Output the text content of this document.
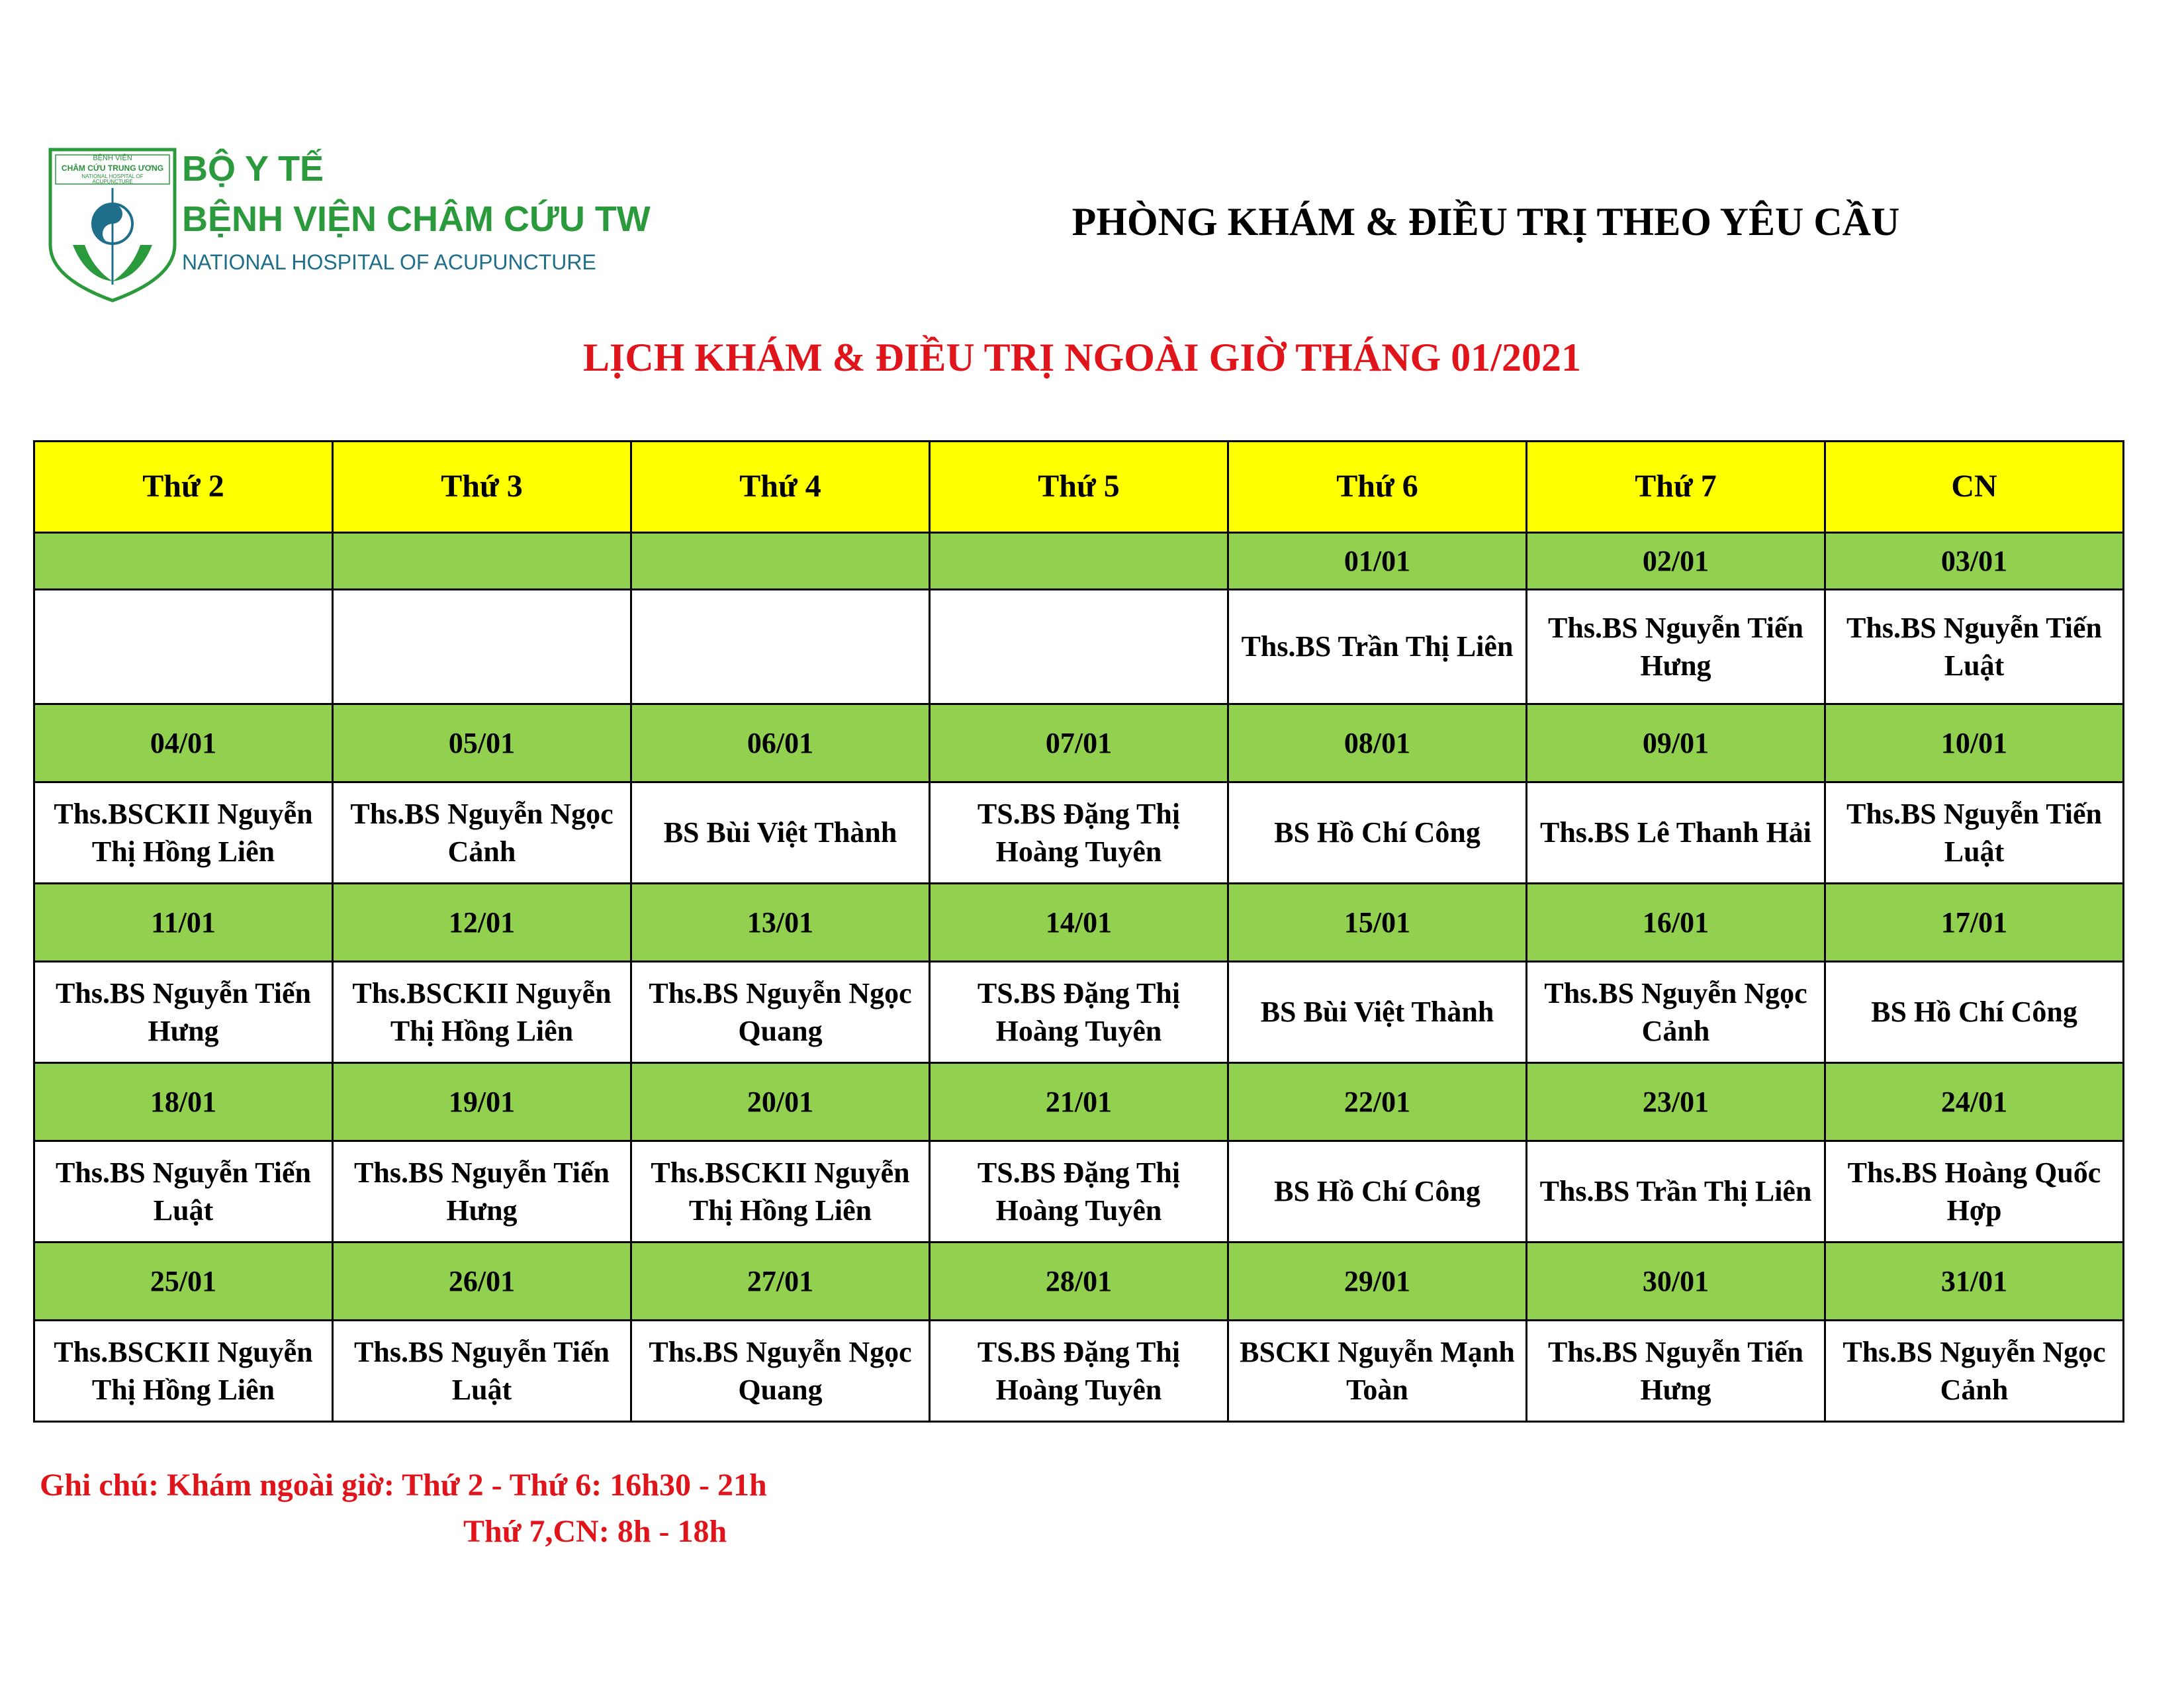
BỆNH VIỆN
CHÂM CỨU TRUNG ƯƠNG
NATIONAL HOSPITAL OF ACUPUNCTURE	BỘ Y TẾ

BỆNH VIỆN CHÂM CỨU TW

NATIONAL HOSPITAL OF ACUPUNCTURE

PHÒNG KHÁM & ĐIỀU TRỊ THEO YÊU CẦU
LỊCH KHÁM & ĐIỀU TRỊ NGOÀI GIỜ THÁNG 01/2021
Thứ 2	Thứ 3	Thứ 4	Thứ 5	Thứ 6	Thứ 7	CN
				01/01	02/01	03/01
				Ths.BS Trần Thị Liên	Ths.BS Nguyễn Tiến Hưng	Ths.BS Nguyễn Tiến Luật
04/01	05/01	06/01	07/01	08/01	09/01	10/01
Ths.BSCKII Nguyễn Thị Hồng Liên	Ths.BS Nguyễn Ngọc Cảnh	BS Bùi Việt Thành	TS.BS Đặng Thị Hoàng Tuyên	BS Hồ Chí Công	Ths.BS Lê Thanh Hải	Ths.BS Nguyễn Tiến Luật
11/01	12/01	13/01	14/01	15/01	16/01	17/01
Ths.BS Nguyễn Tiến Hưng	Ths.BSCKII Nguyễn Thị Hồng Liên	Ths.BS Nguyễn Ngọc Quang	TS.BS Đặng Thị Hoàng Tuyên	BS Bùi Việt Thành	Ths.BS Nguyễn Ngọc Cảnh	BS Hồ Chí Công
18/01	19/01	20/01	21/01	22/01	23/01	24/01
Ths.BS Nguyễn Tiến Luật	Ths.BS Nguyễn Tiến Hưng	Ths.BSCKII Nguyễn Thị Hồng Liên	TS.BS Đặng Thị Hoàng Tuyên	BS Hồ Chí Công	Ths.BS Trần Thị Liên	Ths.BS Hoàng Quốc Hợp
25/01	26/01	27/01	28/01	29/01	30/01	31/01
Ths.BSCKII Nguyễn Thị Hồng Liên	Ths.BS Nguyễn Tiến Luật	Ths.BS Nguyễn Ngọc Quang	TS.BS Đặng Thị Hoàng Tuyên	BSCKI Nguyễn Mạnh Toàn	Ths.BS Nguyễn Tiến Hưng	Ths.BS Nguyễn Ngọc Cảnh

Ghi chú: Khám ngoài giờ: Thứ 2 - Thứ 6: 16h30 - 21h

Thứ 7,CN: 8h - 18h
